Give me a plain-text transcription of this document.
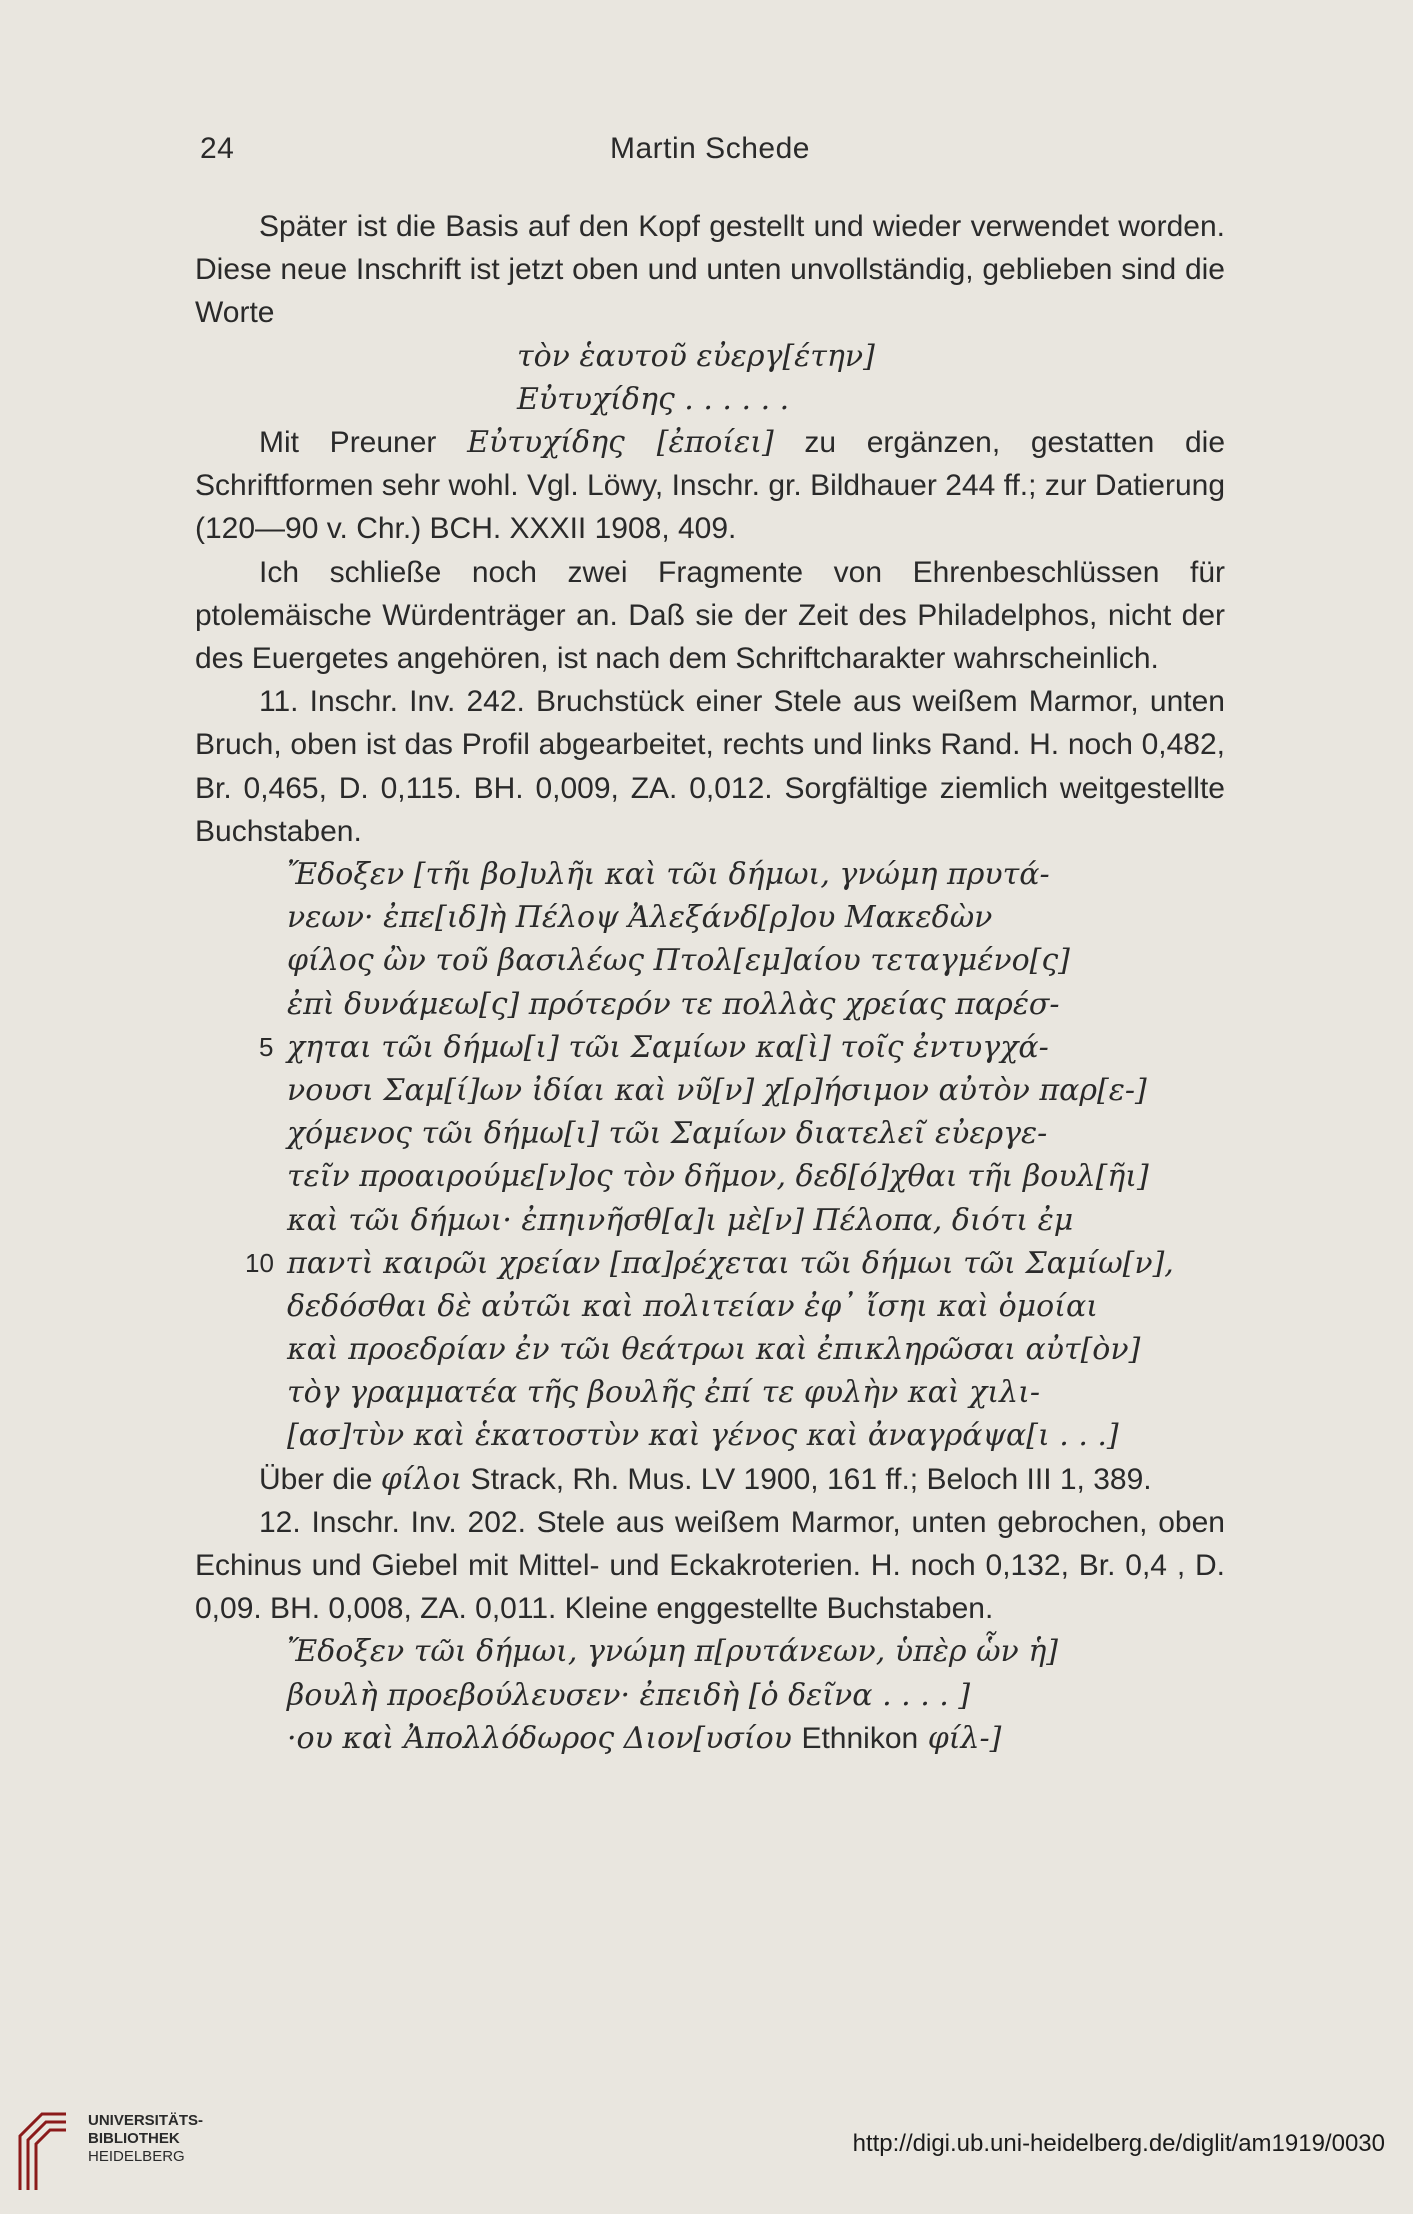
24	Martin Schede

Später ist die Basis auf den Kopf gestellt und wieder verwendet worden. Diese neue Inschrift ist jetzt oben und unten unvollständig, geblieben sind die Worte

τὸν ἑαυτοῦ εὐεργ[έτην]
Εὐτυχίδης . . . . . .

Mit Preuner Εὐτυχίδης [ἐποίει] zu ergänzen, gestatten die Schriftformen sehr wohl. Vgl. Löwy, Inschr. gr. Bildhauer 244 ff.; zur Datierung (120—90 v. Chr.) BCH. XXXII 1908, 409.

Ich schließe noch zwei Fragmente von Ehrenbeschlüssen für ptolemäische Würdenträger an. Daß sie der Zeit des Philadelphos, nicht der des Euergetes angehören, ist nach dem Schriftcharakter wahrscheinlich.

11. Inschr. Inv. 242. Bruchstück einer Stele aus weißem Marmor, unten Bruch, oben ist das Profil abgearbeitet, rechts und links Rand. H. noch 0,482, Br. 0,465, D. 0,115. BH. 0,009, ZA. 0,012. Sorgfältige ziemlich weitgestellte Buchstaben.

Ἔδοξεν [τῆι βο]υλῆι καὶ τῶι δήμωι, γνώμη πρυτά-
νεων· ἐπε[ιδ]ὴ Πέλοψ Ἀλεξάνδ[ρ]ου Μακεδὼν
φίλος ὢν τοῦ βασιλέως Πτολ[εμ]αίου τεταγμένο[ς]
ἐπὶ δυνάμεω[ς] πρότερόν τε πολλὰς χρείας παρέσ-
5 χηται τῶι δήμω[ι] τῶι Σαμίων κα[ὶ] τοῖς ἐντυγχά-
νουσι Σαμ[ί]ων ἰδίαι καὶ νῦ[ν] χ[ρ]ήσιμον αὐτὸν παρ[ε-]
χόμενος τῶι δήμω[ι] τῶι Σαμίων διατελεῖ εὐεργε-
τεῖν προαιρούμε[ν]ος τὸν δῆμον, δεδ[ό]χθαι τῆι βουλ[ῆι]
καὶ τῶι δήμωι· ἐπηινῆσθ[α]ι μὲ[ν] Πέλοπα, διότι ἐμ
10 παντὶ καιρῶι χρείαν [πα]ρέχεται τῶι δήμωι τῶι Σαμίω[ν],
δεδόσθαι δὲ αὐτῶι καὶ πολιτείαν ἐφ᾽ ἴσηι καὶ ὁμοίαι
καὶ προεδρίαν ἐν τῶι θεάτρωι καὶ ἐπικληρῶσαι αὐτ[ὸν]
τὸγ γραμματέα τῆς βουλῆς ἐπί τε φυλὴν καὶ χιλι-
[ασ]τὺν καὶ ἑκατοστὺν καὶ γένος καὶ ἀναγράψα[ι . . .]

Über die φίλοι Strack, Rh. Mus. LV 1900, 161 ff.; Beloch III 1, 389.

12. Inschr. Inv. 202. Stele aus weißem Marmor, unten gebrochen, oben Echinus und Giebel mit Mittel- und Eckakroterien. H. noch 0,132, Br. 0,4 , D. 0,09. BH. 0,008, ZA. 0,011. Kleine enggestellte Buchstaben.

Ἔδοξεν τῶι δήμωι, γνώμη π[ρυτάνεων, ὑπὲρ ὧν ἡ]
βουλὴ προεβούλευσεν· ἐπειδὴ [ὁ δεῖνα . . . . ]
·ου καὶ Ἀπολλόδωρος Διον[υσίου Ethnikon φίλ-]
UNIVERSITÄTS-
BIBLIOTHEK
HEIDELBERG	http://digi.ub.uni-heidelberg.de/diglit/am1919/0030
